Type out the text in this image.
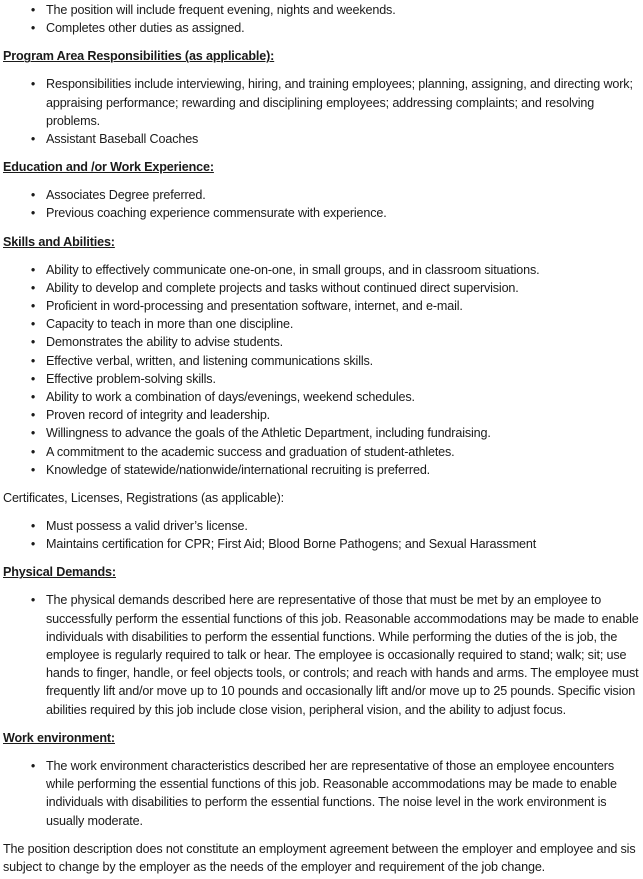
• The position will include frequent evening, nights and weekends.
• Completes other duties as assigned.
Program Area Responsibilities (as applicable):
• Responsibilities include interviewing, hiring, and training employees; planning, assigning, and directing work; appraising performance; rewarding and disciplining employees; addressing complaints; and resolving problems.
• Assistant Baseball Coaches
Education and /or Work Experience:
• Associates Degree preferred.
• Previous coaching experience commensurate with experience.
Skills and Abilities:
• Ability to effectively communicate one-on-one, in small groups, and in classroom situations.
• Ability to develop and complete projects and tasks without continued direct supervision.
• Proficient in word-processing and presentation software, internet, and e-mail.
• Capacity to teach in more than one discipline.
• Demonstrates the ability to advise students.
• Effective verbal, written, and listening communications skills.
• Effective problem-solving skills.
• Ability to work a combination of days/evenings, weekend schedules.
• Proven record of integrity and leadership.
• Willingness to advance the goals of the Athletic Department, including fundraising.
• A commitment to the academic success and graduation of student-athletes.
• Knowledge of statewide/nationwide/international recruiting is preferred.

Certificates, Licenses, Registrations (as applicable):

• Must possess a valid driver’s license.
• Maintains certification for CPR; First Aid; Blood Borne Pathogens; and Sexual Harassment
Physical Demands:
• The physical demands described here are representative of those that must be met by an employee to successfully perform the essential functions of this job. Reasonable accommodations may be made to enable individuals with disabilities to perform the essential functions. While performing the duties of the is job, the employee is regularly required to talk or hear. The employee is occasionally required to stand; walk; sit; use hands to finger, handle, or feel objects tools, or controls; and reach with hands and arms. The employee must frequently lift and/or move up to 10 pounds and occasionally lift and/or move up to 25 pounds. Specific vision abilities required by this job include close vision, peripheral vision, and the ability to adjust focus.
Work environment:
• The work environment characteristics described her are representative of those an employee encounters while performing the essential functions of this job. Reasonable accommodations may be made to enable individuals with disabilities to perform the essential functions. The noise level in the work environment is usually moderate.

The position description does not constitute an employment agreement between the employer and employee and sis subject to change by the employer as the needs of the employer and requirement of the job change.
